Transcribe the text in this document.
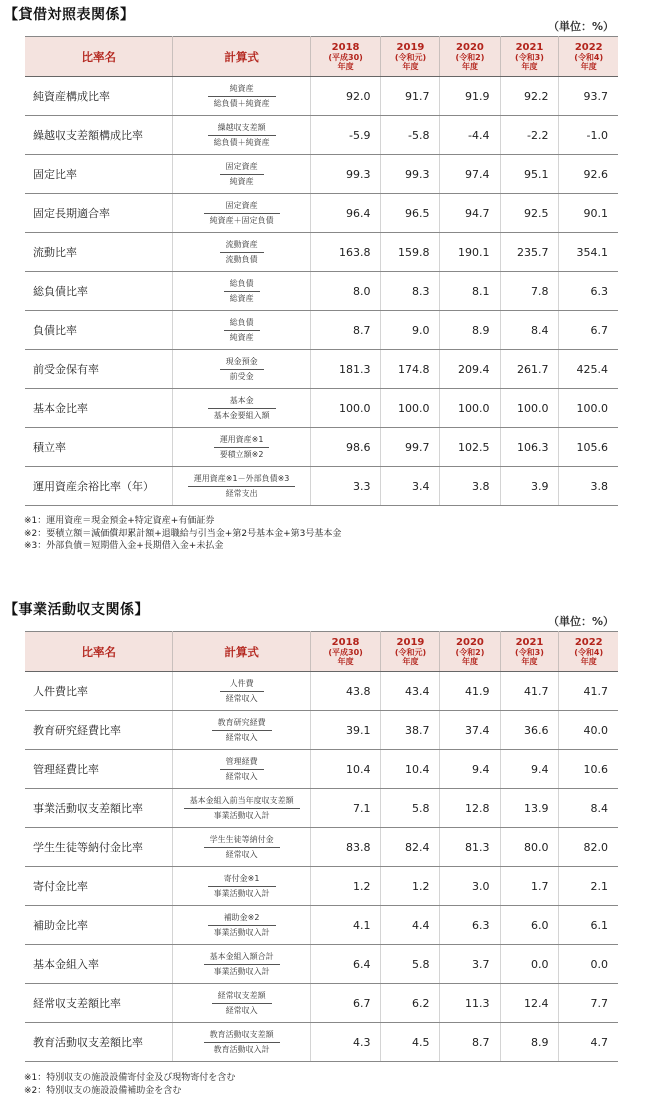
【貸借対照表関係】
（単位：%）
比率名	計算式	2018
(平成30)
年度	2019
(令和元)
年度	2020
(令和2)
年度	2021
(令和3)
年度	2022
(令和4)
年度

純資産構成比率	$\frac{\text{純資産}}{\text{総負債＋純資産}}$	92.0	91.7	91.9	92.2	93.7
繰越収支差額構成比率	$\frac{\text{繰越収支差額}}{\text{総負債＋純資産}}$	-5.9	-5.8	-4.4	-2.2	-1.0
固定比率	$\frac{\text{固定資産}}{\text{純資産}}$	99.3	99.3	97.4	95.1	92.6
固定長期適合率	$\frac{\text{固定資産}}{\text{純資産＋固定負債}}$	96.4	96.5	94.7	92.5	90.1
流動比率	$\frac{\text{流動資産}}{\text{流動負債}}$	163.8	159.8	190.1	235.7	354.1
総負債比率	$\frac{\text{総負債}}{\text{総資産}}$	8.0	8.3	8.1	7.8	6.3
負債比率	$\frac{\text{総負債}}{\text{純資産}}$	8.7	9.0	8.9	8.4	6.7
前受金保有率	$\frac{\text{現金預金}}{\text{前受金}}$	181.3	174.8	209.4	261.7	425.4
基本金比率	$\frac{\text{基本金}}{\text{基本金要組入額}}$	100.0	100.0	100.0	100.0	100.0
積立率	$\frac{\text{運用資産※1}}{\text{要積立額※2}}$	98.6	99.7	102.5	106.3	105.6
運用資産余裕比率（年）	$\frac{\text{運用資産※1－外部負債※3}}{\text{経常支出}}$	3.3	3.4	3.8	3.9	3.8
※1：運用資産＝現金預金+特定資産+有価証券
※2：要積立額＝減価償却累計額+退職給与引当金+第2号基本金+第3号基本金
※3：外部負債＝短期借入金+長期借入金+未払金
【事業活動収支関係】
（単位：%）
比率名	計算式	2018
(平成30)
年度	2019
(令和元)
年度	2020
(令和2)
年度	2021
(令和3)
年度	2022
(令和4)
年度

人件費比率	$\frac{\text{人件費}}{\text{経常収入}}$	43.8	43.4	41.9	41.7	41.7
教育研究経費比率	$\frac{\text{教育研究経費}}{\text{経常収入}}$	39.1	38.7	37.4	36.6	40.0
管理経費比率	$\frac{\text{管理経費}}{\text{経常収入}}$	10.4	10.4	9.4	9.4	10.6
事業活動収支差額比率	$\frac{\text{基本金組入前当年度収支差額}}{\text{事業活動収入計}}$	7.1	5.8	12.8	13.9	8.4
学生生徒等納付金比率	$\frac{\text{学生生徒等納付金}}{\text{経常収入}}$	83.8	82.4	81.3	80.0	82.0
寄付金比率	$\frac{\text{寄付金※1}}{\text{事業活動収入計}}$	1.2	1.2	3.0	1.7	2.1
補助金比率	$\frac{\text{補助金※2}}{\text{事業活動収入計}}$	4.1	4.4	6.3	6.0	6.1
基本金組入率	$\frac{\text{基本金組入額合計}}{\text{事業活動収入計}}$	6.4	5.8	3.7	0.0	0.0
経常収支差額比率	$\frac{\text{経常収支差額}}{\text{経常収入}}$	6.7	6.2	11.3	12.4	7.7
教育活動収支差額比率	$\frac{\text{教育活動収支差額}}{\text{教育活動収入計}}$	4.3	4.5	8.7	8.9	4.7
※1：特別収支の施設設備寄付金及び現物寄付を含む
※2：特別収支の施設設備補助金を含む
